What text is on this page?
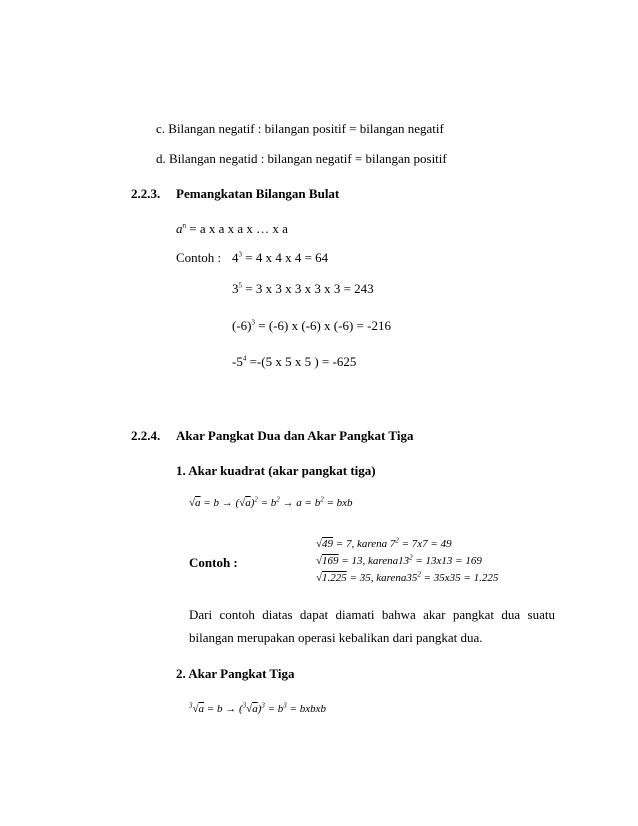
c. Bilangan negatif : bilangan positif = bilangan negatif
d. Bilangan negatid : bilangan negatif = bilangan positif
2.2.3. Pemangkatan Bilangan Bulat
$a^n = a$ x a x a x … x a
Contoh : $4^3 = 4$ x 4 x 4 = 64
$3^5 = 3$ x 3 x 3 x 3 x 3 = 243
$(-6)^3 = (-6)$ x (-6) x (-6) = -216
$-5^4 =-(5$ x 5 x 5 ) = -625
2.2.4. Akar Pangkat Dua dan Akar Pangkat Tiga
1. Akar kuadrat (akar pangkat tiga)
$√a = b \to (√a)^2 = b^2 \to a = b^2$ = bxb
Contoh :
√49 = 7, karena $7^2 = 7x7 = 49$
√169 = 13, $karena13^2 = 13x13 = 169$
√1.225 = 35, $karena35^2 = 35x35 = 1.225$
Dari contoh diatas dapat diamati bahwa akar pangkat dua suatu
bilangan merupakan operasi kebalikan dari pangkat dua.
2. Akar Pangkat Tiga
$^3√a = b \to (^3√a)^3 = b^3$ = bxbxb
